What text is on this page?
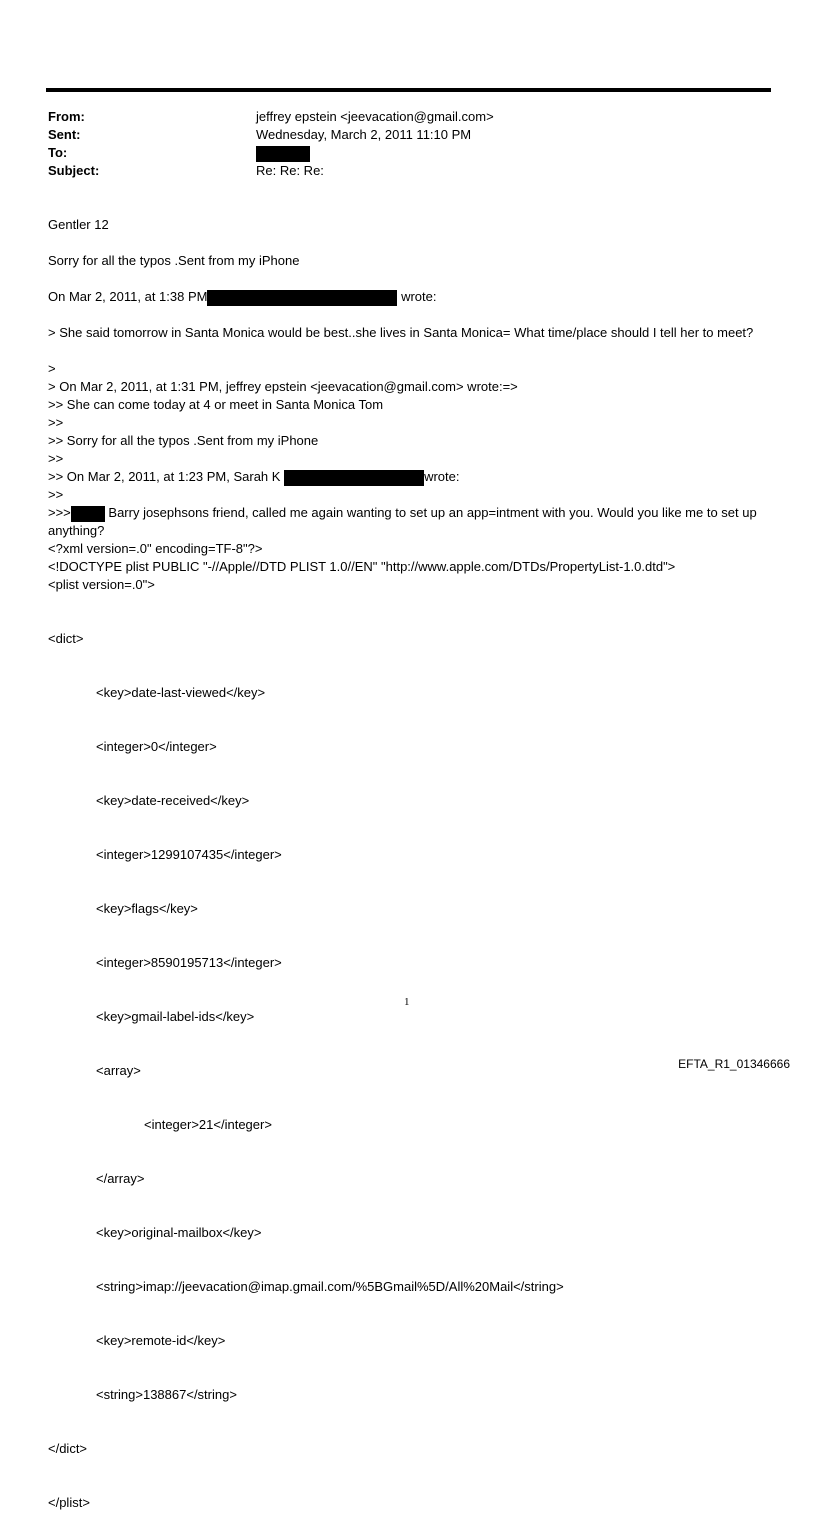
From:	jeffrey epstein <jeevacation@gmail.com>
Sent:	Wednesday, March 2, 2011 11:10 PM
To:
Subject:	Re: Re: Re:
Gentler 12
Sorry for all the typos .Sent from my iPhone
On Mar 2, 2011, at 1:38 PM	wrote:
> She said tomorrow in Santa Monica would be best..she lives in Santa Monica= What time/place should I tell her to meet?
>
> On Mar 2, 2011, at 1:31 PM, jeffrey epstein <jeevacation@gmail.com> wrote:=>
>> She can come today at 4 or meet in Santa Monica Tom
>>
>> Sorry for all the typos .Sent from my iPhone
>>
>> On Mar 2, 2011, at 1:23 PM, Sarah K	wrote:
>>
>>>	Barry josephsons friend, called me again wanting to set up an app=intment with you. Would you like me to set up anything?
<?xml version=.0" encoding=TF-8"?>
<!DOCTYPE plist PUBLIC "-//Apple//DTD PLIST 1.0//EN" "http://www.apple.com/DTDs/PropertyList-1.0.dtd">
<plist version=.0">

<dict>

<key>date-last-viewed</key>

<integer>0</integer>

<key>date-received</key>

<integer>1299107435</integer>

<key>flags</key>

<integer>8590195713</integer>

<key>gmail-label-ids</key>

<array>

<integer>21</integer>

</array>

<key>original-mailbox</key>

<string>imap://jeevacation@imap.gmail.com/%5BGmail%5D/All%20Mail</string>

<key>remote-id</key>

<string>138867</string>

</dict>

</plist>

1
EFTA_R1_01346666
